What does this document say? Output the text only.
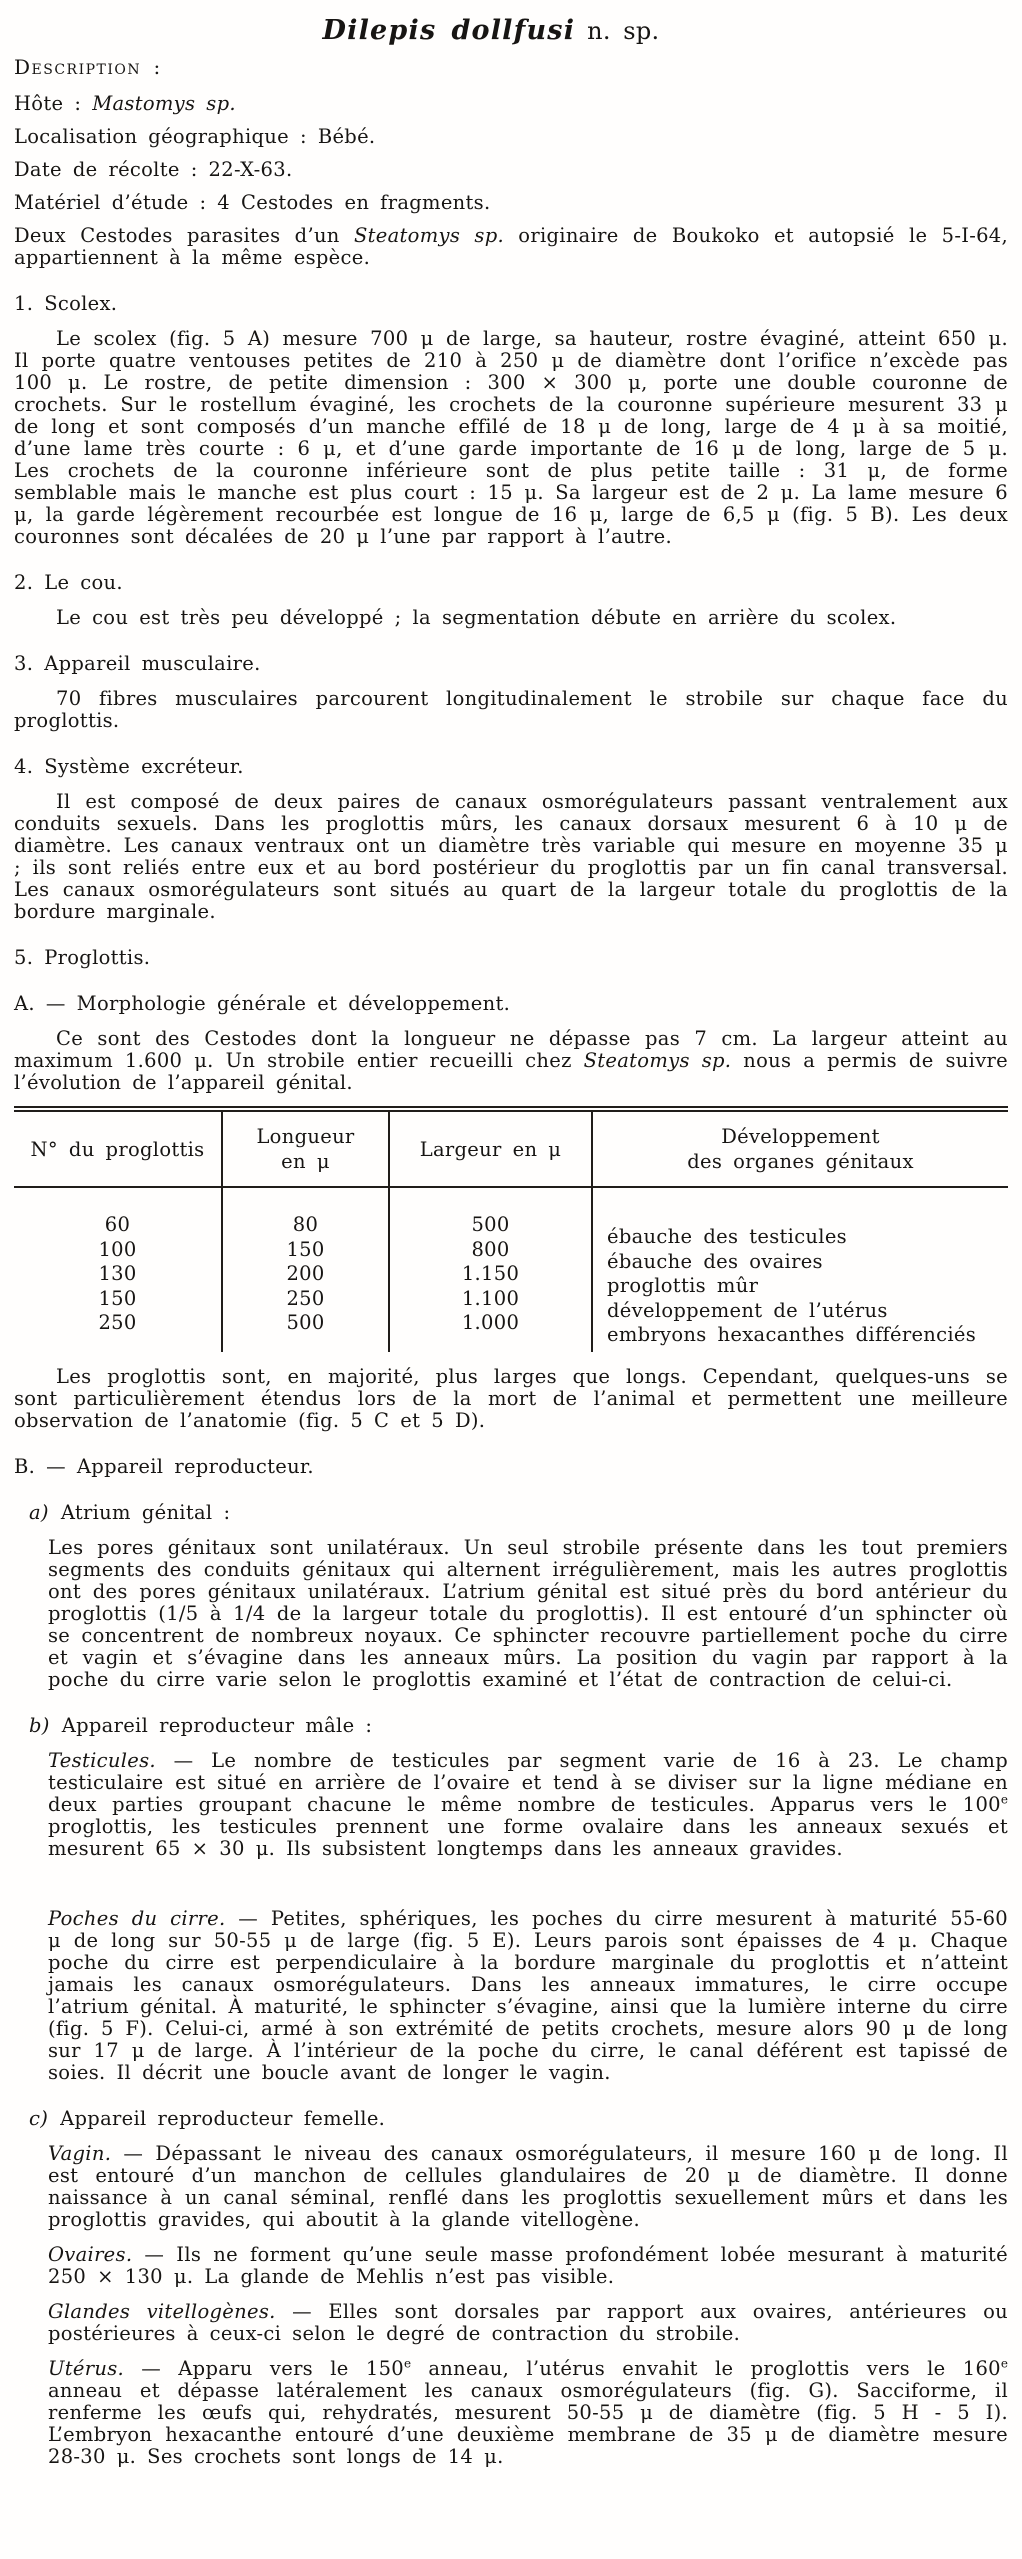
Dilepis dollfusi n. sp.
Description :
Hôte : Mastomys sp.
Localisation géographique : Bébé.
Date de récolte : 22-X-63.
Matériel d’étude : 4 Cestodes en fragments.

Deux Cestodes parasites d’un Steatomys sp. originaire de Boukoko et autopsié le 5-I-64, appartiennent à la même espèce.

1. Scolex.

Le scolex (fig. 5 A) mesure 700 μ de large, sa hauteur, rostre évaginé, atteint 650 μ. Il porte quatre ventouses petites de 210 à 250 μ de diamètre dont l’orifice n’excède pas 100 μ. Le rostre, de petite dimension : 300 × 300 μ, porte une double couronne de crochets. Sur le rostellum évaginé, les crochets de la couronne supérieure mesurent 33 μ de long et sont composés d’un manche effilé de 18 μ de long, large de 4 μ à sa moitié, d’une lame très courte : 6 μ, et d’une garde importante de 16 μ de long, large de 5 μ. Les crochets de la couronne inférieure sont de plus petite taille : 31 μ, de forme semblable mais le manche est plus court : 15 μ. Sa largeur est de 2 μ. La lame mesure 6 μ, la garde légèrement recourbée est longue de 16 μ, large de 6,5 μ (fig. 5 B). Les deux couronnes sont décalées de 20 μ l’une par rapport à l’autre.

2. Le cou.

Le cou est très peu développé ; la segmentation débute en arrière du scolex.

3. Appareil musculaire.

70 fibres musculaires parcourent longitudinalement le strobile sur chaque face du proglottis.

4. Système excréteur.

Il est composé de deux paires de canaux osmorégulateurs passant ventralement aux conduits sexuels. Dans les proglottis mûrs, les canaux dorsaux mesurent 6 à 10 μ de diamètre. Les canaux ventraux ont un diamètre très variable qui mesure en moyenne 35 μ ; ils sont reliés entre eux et au bord postérieur du proglottis par un fin canal transversal. Les canaux osmorégulateurs sont situés au quart de la largeur totale du proglottis de la bordure marginale.

5. Proglottis.
A. — Morphologie générale et développement.

Ce sont des Cestodes dont la longueur ne dépasse pas 7 cm. La largeur atteint au maximum 1.600 μ. Un strobile entier recueilli chez Steatomys sp. nous a permis de suivre l’évolution de l’appareil génital.

N° du proglottis
Longueur
en μ
Largeur en μ
Développement
des organes génitaux
60
100
130
150
250
80
150
200
250
500
500
800
1.150
1.100
1.000
ébauche des testicules
ébauche des ovaires
proglottis mûr
développement de l’utérus
embryons hexacanthes différenciés

Les proglottis sont, en majorité, plus larges que longs. Cependant, quelques-uns se sont particulièrement étendus lors de la mort de l’animal et permettent une meilleure observation de l’anatomie (fig. 5 C et 5 D).

B. — Appareil reproducteur.
a) Atrium génital :

Les pores génitaux sont unilatéraux. Un seul strobile présente dans les tout premiers segments des conduits génitaux qui alternent irrégulièrement, mais les autres proglottis ont des pores génitaux unilatéraux. L’atrium génital est situé près du bord antérieur du proglottis (1/5 à 1/4 de la largeur totale du proglottis). Il est entouré d’un sphincter où se concentrent de nombreux noyaux. Ce sphincter recouvre partiellement poche du cirre et vagin et s’évagine dans les anneaux mûrs. La position du vagin par rapport à la poche du cirre varie selon le proglottis examiné et l’état de contraction de celui-ci.

b) Appareil reproducteur mâle :

Testicules. — Le nombre de testicules par segment varie de 16 à 23. Le champ testiculaire est situé en arrière de l’ovaire et tend à se diviser sur la ligne médiane en deux parties groupant chacune le même nombre de testicules. Apparus vers le 100e proglottis, les testicules prennent une forme ovalaire dans les anneaux sexués et mesurent 65 × 30 μ. Ils subsistent longtemps dans les anneaux gravides.

Poches du cirre. — Petites, sphériques, les poches du cirre mesurent à maturité 55-60 μ de long sur 50-55 μ de large (fig. 5 E). Leurs parois sont épaisses de 4 μ. Chaque poche du cirre est perpendiculaire à la bordure marginale du proglottis et n’atteint jamais les canaux osmorégulateurs. Dans les anneaux immatures, le cirre occupe l’atrium génital. À maturité, le sphincter s’évagine, ainsi que la lumière interne du cirre (fig. 5 F). Celui-ci, armé à son extrémité de petits crochets, mesure alors 90 μ de long sur 17 μ de large. À l’intérieur de la poche du cirre, le canal déférent est tapissé de soies. Il décrit une boucle avant de longer le vagin.

c) Appareil reproducteur femelle.

Vagin. — Dépassant le niveau des canaux osmorégulateurs, il mesure 160 μ de long. Il est entouré d’un manchon de cellules glandulaires de 20 μ de diamètre. Il donne naissance à un canal séminal, renflé dans les proglottis sexuellement mûrs et dans les proglottis gravides, qui aboutit à la glande vitellogène.

Ovaires. — Ils ne forment qu’une seule masse profondément lobée mesurant à maturité 250 × 130 μ. La glande de Mehlis n’est pas visible.

Glandes vitellogènes. — Elles sont dorsales par rapport aux ovaires, antérieures ou postérieures à ceux-ci selon le degré de contraction du strobile.

Utérus. — Apparu vers le 150e anneau, l’utérus envahit le proglottis vers le 160e anneau et dépasse latéralement les canaux osmorégulateurs (fig. G). Sacciforme, il renferme les œufs qui, rehydratés, mesurent 50-55 μ de diamètre (fig. 5 H - 5 I). L’embryon hexacanthe entouré d’une deuxième membrane de 35 μ de diamètre mesure 28-30 μ. Ses crochets sont longs de 14 μ.
